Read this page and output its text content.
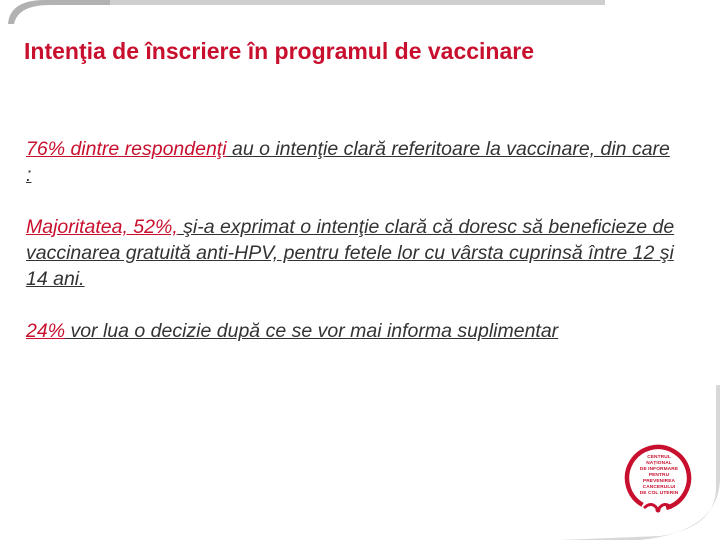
Intenţia de înscriere în programul de vaccinare

76% dintre respondenţi au o intenţie clară referitoare la vaccinare, din care :

Majoritatea, 52%, şi-a exprimat o intenţie clară că doresc să beneficieze de vaccinarea gratuită anti-HPV, pentru fetele lor cu vârsta cuprinsă între 12 şi 14 ani.

24% vor lua o decizie după ce se vor mai informa suplimentar

CENTRUL
NAȚIONAL
DE INFORMARE
PENTRU
PREVENIREA
CANCERULUI
DE COL UTERIN
